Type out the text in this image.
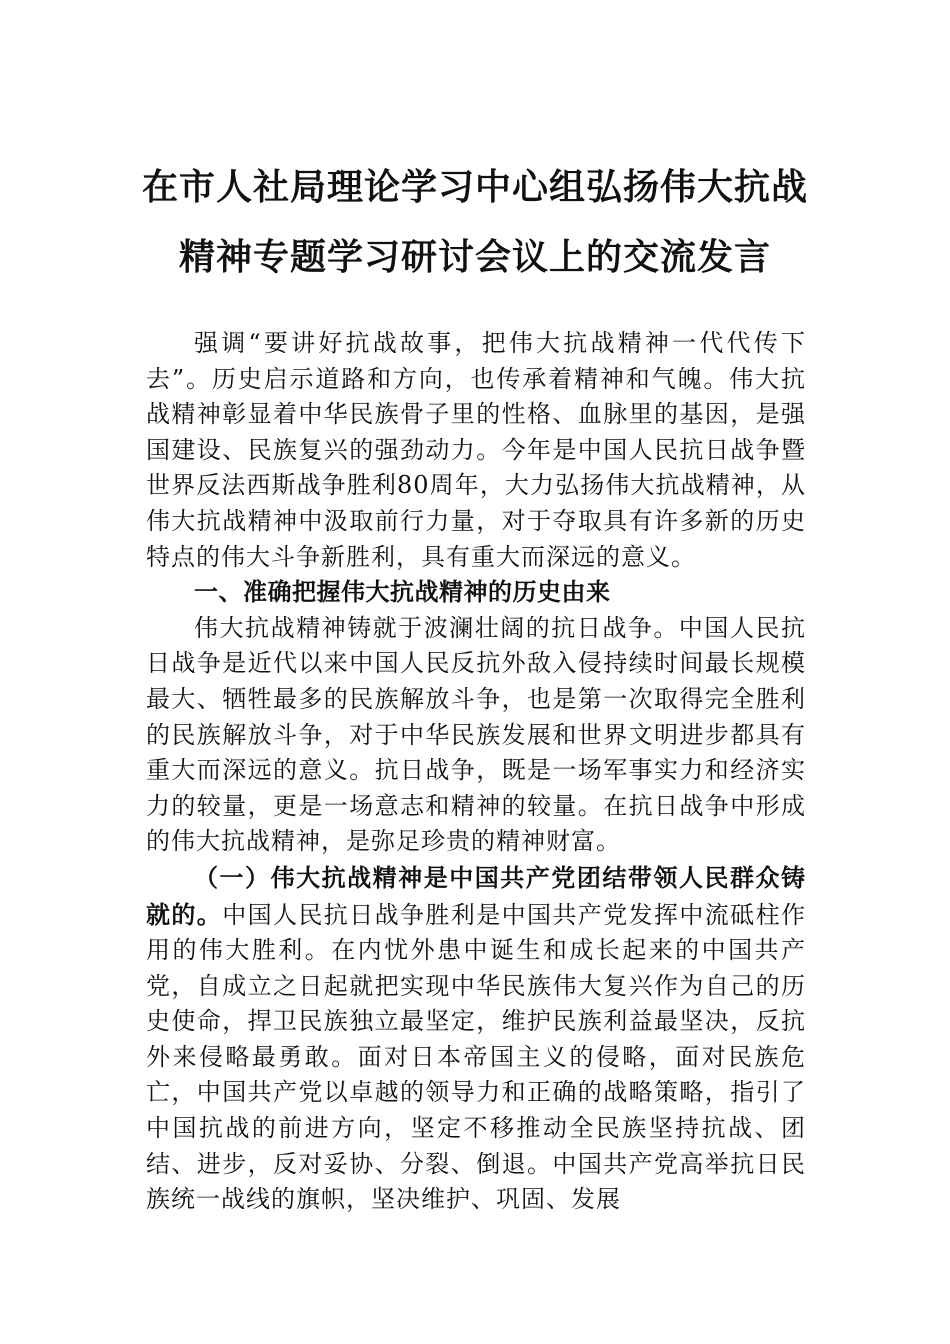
在市人社局理论学习中心组弘扬伟大抗战
精神专题学习研讨会议上的交流发言

强调“要讲好抗战故事，把伟大抗战精神一代代传下去”。历史启示道路和方向，也传承着精神和气魄。伟大抗战精神彰显着中华民族骨子里的性格、血脉里的基因，是强国建设、民族复兴的强劲动力。今年是中国人民抗日战争暨世界反法西斯战争胜利80周年，大力弘扬伟大抗战精神，从伟大抗战精神中汲取前行力量，对于夺取具有许多新的历史特点的伟大斗争新胜利，具有重大而深远的意义。

一、准确把握伟大抗战精神的历史由来

伟大抗战精神铸就于波澜壮阔的抗日战争。中国人民抗日战争是近代以来中国人民反抗外敌入侵持续时间最长规模最大、牺牲最多的民族解放斗争，也是第一次取得完全胜利的民族解放斗争，对于中华民族发展和世界文明进步都具有重大而深远的意义。抗日战争，既是一场军事实力和经济实力的较量，更是一场意志和精神的较量。在抗日战争中形成的伟大抗战精神，是弥足珍贵的精神财富。

（一）伟大抗战精神是中国共产党团结带领人民群众铸就的。中国人民抗日战争胜利是中国共产党发挥中流砥柱作用的伟大胜利。在内忧外患中诞生和成长起来的中国共产党，自成立之日起就把实现中华民族伟大复兴作为自己的历史使命，捍卫民族独立最坚定，维护民族利益最坚决，反抗外来侵略最勇敢。面对日本帝国主义的侵略，面对民族危亡，中国共产党以卓越的领导力和正确的战略策略，指引了中国抗战的前进方向，坚定不移推动全民族坚持抗战、团结、进步，反对妥协、分裂、倒退。中国共产党高举抗日民族统一战线的旗帜，坚决维护、巩固、发展
